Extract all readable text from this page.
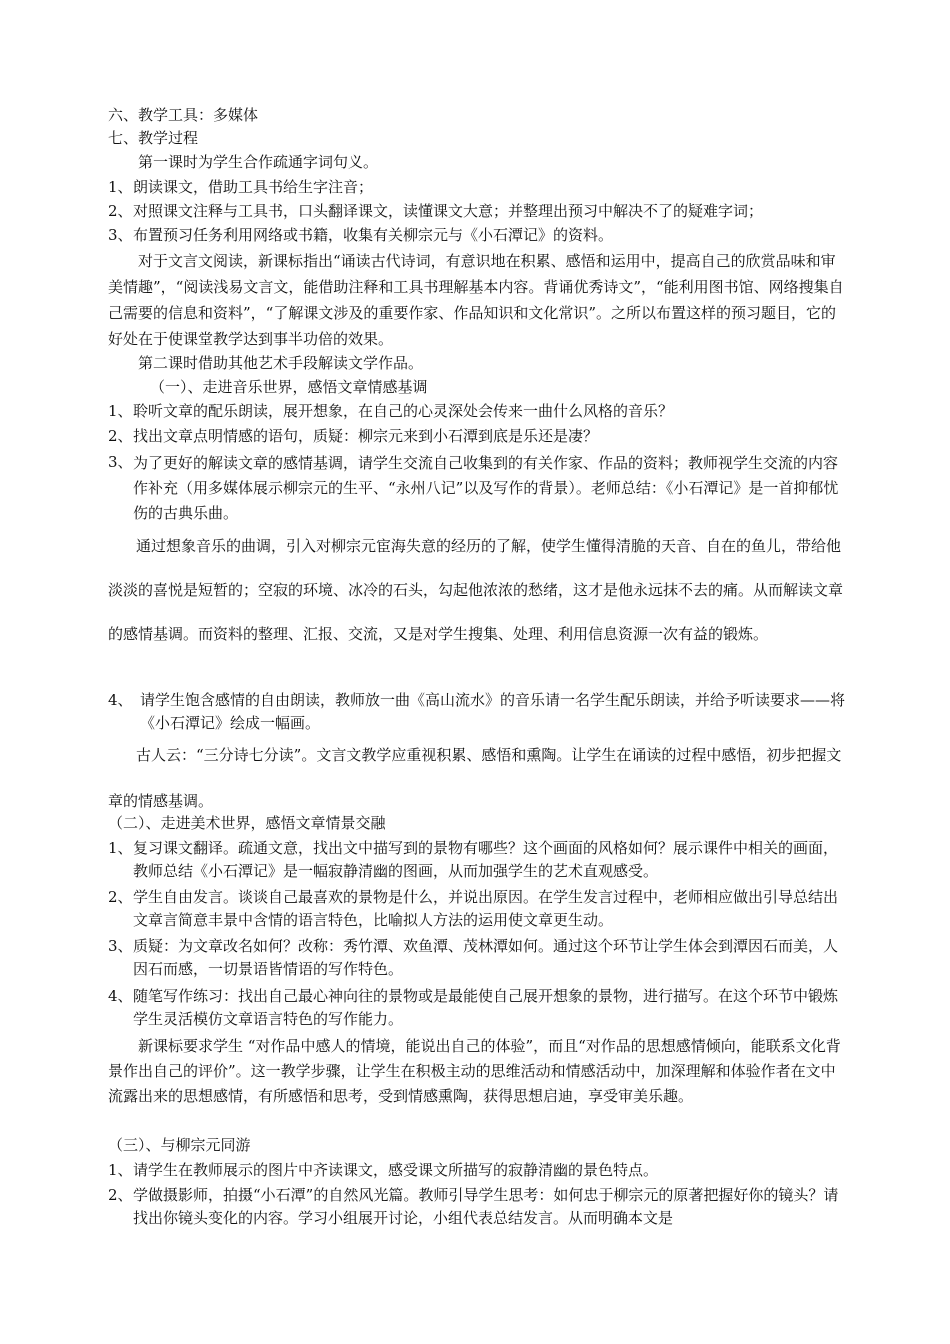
六、教学工具：多媒体
七、教学过程
第一课时为学生合作疏通字词句义。
1、 朗读课文，借助工具书给生字注音；
2、 对照课文注释与工具书，口头翻译课文，读懂课文大意；并整理出预习中解决不了的疑难字词；
3、 布置预习任务利用网络或书籍，收集有关柳宗元与《小石潭记》的资料。
对于文言文阅读，新课标指出“诵读古代诗词，有意识地在积累、感悟和运用中，提高自己的欣赏品味和审美情趣”，“阅读浅易文言文，能借助注释和工具书理解基本内容。背诵优秀诗文”，“能利用图书馆、网络搜集自己需要的信息和资料”，“了解课文涉及的重要作家、作品知识和文化常识”。之所以布置这样的预习题目，它的好处在于使课堂教学达到事半功倍的效果。
第二课时借助其他艺术手段解读文学作品。
（一）、走进音乐世界，感悟文章情感基调
1、 聆听文章的配乐朗读，展开想象，在自己的心灵深处会传来一曲什么风格的音乐？
2、 找出文章点明情感的语句，质疑：柳宗元来到小石潭到底是乐还是凄？
3、 为了更好的解读文章的感情基调，请学生交流自己收集到的有关作家、作品的资料；教师视学生交流的内容作补充（用多媒体展示柳宗元的生平、“永州八记”以及写作的背景）。老师总结：《小石潭记》是一首抑郁忧伤的古典乐曲。
通过想象音乐的曲调，引入对柳宗元宦海失意的经历的了解，使学生懂得清脆的天音、自在的鱼儿，带给他淡淡的喜悦是短暂的；空寂的环境、冰冷的石头，勾起他浓浓的愁绪，这才是他永远抹不去的痛。从而解读文章的感情基调。而资料的整理、汇报、交流，又是对学生搜集、处理、利用信息资源一次有益的锻炼。
4、 请学生饱含感情的自由朗读，教师放一曲《高山流水》的音乐请一名学生配乐朗读，并给予听读要求——将《小石潭记》绘成一幅画。
古人云：“三分诗七分读”。文言文教学应重视积累、感悟和熏陶。让学生在诵读的过程中感悟，初步把握文章的情感基调。
（二）、走进美术世界，感悟文章情景交融
1、 复习课文翻译。疏通文意，找出文中描写到的景物有哪些？这个画面的风格如何？展示课件中相关的画面，教师总结《小石潭记》是一幅寂静清幽的图画，从而加强学生的艺术直观感受。
2、 学生自由发言。谈谈自己最喜欢的景物是什么，并说出原因。在学生发言过程中，老师相应做出引导总结出文章言简意丰景中含情的语言特色，比喻拟人方法的运用使文章更生动。
3、 质疑：为文章改名如何？改称：秀竹潭、欢鱼潭、茂林潭如何。通过这个环节让学生体会到潭因石而美，人因石而感，一切景语皆情语的写作特色。
4、 随笔写作练习：找出自己最心神向往的景物或是最能使自己展开想象的景物，进行描写。在这个环节中锻炼学生灵活模仿文章语言特色的写作能力。
新课标要求学生 “对作品中感人的情境，能说出自己的体验”，而且“对作品的思想感情倾向，能联系文化背景作出自己的评价”。这一教学步骤，让学生在积极主动的思维活动和情感活动中，加深理解和体验作者在文中流露出来的思想感情，有所感悟和思考，受到情感熏陶，获得思想启迪，享受审美乐趣。
（三）、与柳宗元同游
1、 请学生在教师展示的图片中齐读课文，感受课文所描写的寂静清幽的景色特点。
2、 学做摄影师，拍摄“小石潭”的自然风光篇。教师引导学生思考：如何忠于柳宗元的原著把握好你的镜头？请找出你镜头变化的内容。学习小组展开讨论，小组代表总结发言。从而明确本文是
